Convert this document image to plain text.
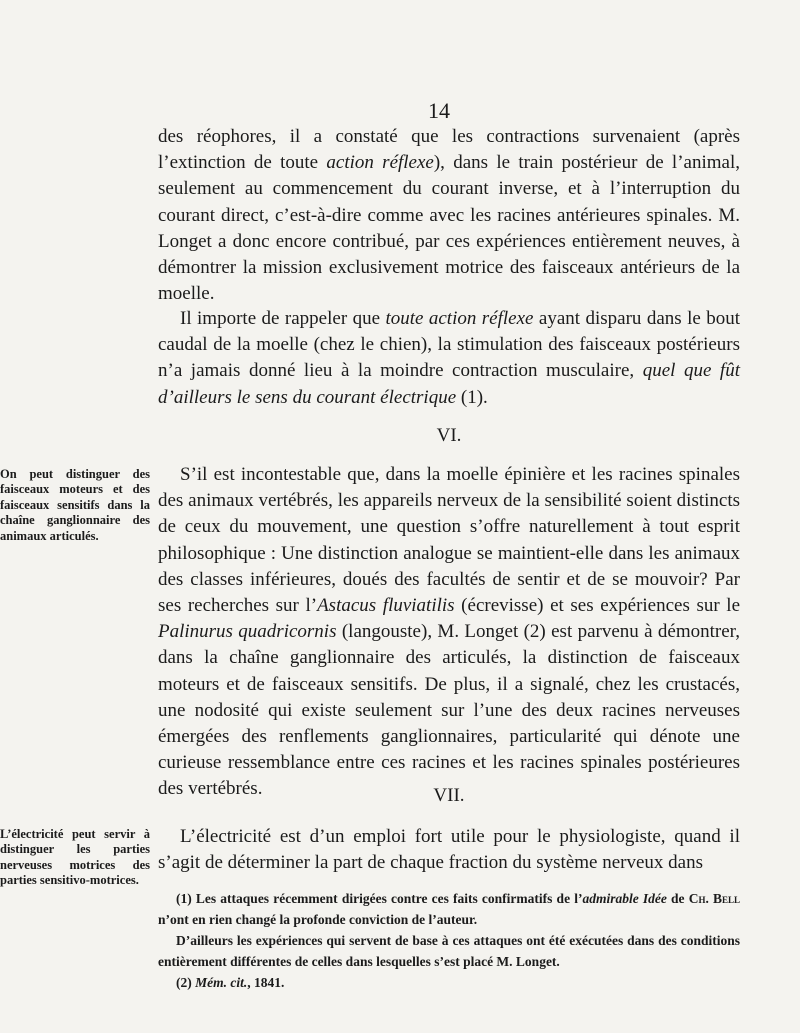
14

des réophores, il a constaté que les contractions survenaient (après l’extinction de toute action réflexe), dans le train postérieur de l’animal, seulement au commencement du courant inverse, et à l’interruption du courant direct, c’est-à-dire comme avec les racines antérieures spinales. M. Longet a donc encore contribué, par ces expériences entièrement neuves, à démontrer la mission exclusivement motrice des faisceaux antérieurs de la moelle.

Il importe de rappeler que toute action réflexe ayant disparu dans le bout caudal de la moelle (chez le chien), la stimulation des faisceaux postérieurs n’a jamais donné lieu à la moindre contraction musculaire, quel que fût d’ailleurs le sens du courant électrique (1).

VI.
On peut distinguer des faisceaux moteurs et des faisceaux sensitifs dans la chaîne ganglionnaire des animaux articulés.

S’il est incontestable que, dans la moelle épinière et les racines spinales des animaux vertébrés, les appareils nerveux de la sensibilité soient distincts de ceux du mouvement, une question s’offre naturellement à tout esprit philosophique : Une distinction analogue se maintient-elle dans les animaux des classes inférieures, doués des facultés de sentir et de se mouvoir? Par ses recherches sur l’Astacus fluviatilis (écrevisse) et ses expériences sur le Palinurus quadricornis (langouste), M. Longet (2) est parvenu à démontrer, dans la chaîne ganglionnaire des articulés, la distinction de faisceaux moteurs et de faisceaux sensitifs. De plus, il a signalé, chez les crustacés, une nodosité qui existe seulement sur l’une des deux racines nerveuses émergées des renflements ganglionnaires, particularité qui dénote une curieuse ressemblance entre ces racines et les racines spinales postérieures des vertébrés.	VII.
L’électricité peut servir à distinguer les parties nerveuses motrices des parties sensitivo-motrices.

L’électricité est d’un emploi fort utile pour le physiologiste, quand il s’agit de déterminer la part de chaque fraction du système nerveux dans

(1) Les attaques récemment dirigées contre ces faits confirmatifs de l’admirable Idée de Ch. Bell n’ont en rien changé la profonde conviction de l’auteur.

D’ailleurs les expériences qui servent de base à ces attaques ont été exécutées dans des conditions entièrement différentes de celles dans lesquelles s’est placé M. Longet.

(2) Mém. cit., 1841.
